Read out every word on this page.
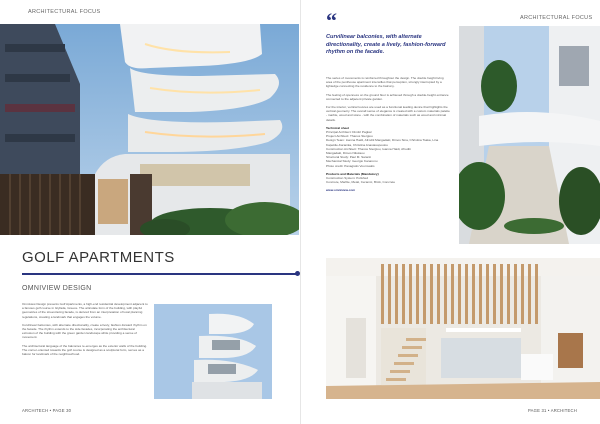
ARCHITECTURAL FOCUS
GOLF APARTMENTS
OMNIVIEW DESIGN
Omniview Design presents Golf Apartments, a high-end residential development adjacent to a famous golf course in Glyfada, Greece. The articulate form of the building, with playful geometries of the street-facing facade, is derived from an interpretation of local planning regulations, creating a landmark that engages the volume.
Curvilinear balconies, with alternate directionality, create a lively, fashion-forward rhythm on the facade. The rhythm extends to the side facades, incorporating the architectural extrusion of the building with the green garden landscape while providing a sense of movement.
The architectural language of the balconies re-emerges as the exterior walls of the building. The corner-oriented towards the golf course is designed as a sculptural form, serves as a balcon for landmark of the neighbourhood.
ARCHITECH • PAGE 30
ARCHITECTURAL FOCUS
“
Curvilinear balconies, with alternate directionality, create a lively, fashion-forward rhythm on the facade.
The series of movements is reinforced throughout the design. The double height living area of the penthouse apartment intensifies that perception, strongly interrupted by a lightedge connecting the residence to the balcony.
The feeling of openness on the ground floor is achieved through a double-height entrance connected to the adjacent private garden.
For the interior, vertical louvres are used as a functional leading device that highlights the vertical geometry. The overall sense of elegance is created with a custom materials palette - marble, wood and stone - with the combination of materials such as wood and minimal details.
Technical sheet
Principal Architect: Dimitri Pagkal
Project Architect: Thanos Stergiou
Design Team: Ioanna Haidi, Afroditi Mangadaki, Dimos Sina, Christina Tsaka, Lina Kapeklie-Karanika, Christina Anastasopoulou
Construction Architect: Thanos Stergiou, Ioanna Haidi, Afroditi
Mangadaki, Dimos Nikolaou
Structural Study: Paul M. Saranti
Mechanical Study: Georgio Kanaronu
Photo credit: Panagiotis Voumvakis
Products and Materials (Mandatory)
Construction System: Polished
Concrete, Marble, Metal, Ceramic, Brick, Concrete
www.omniview.com
PAGE 31 • ARCHITECH
